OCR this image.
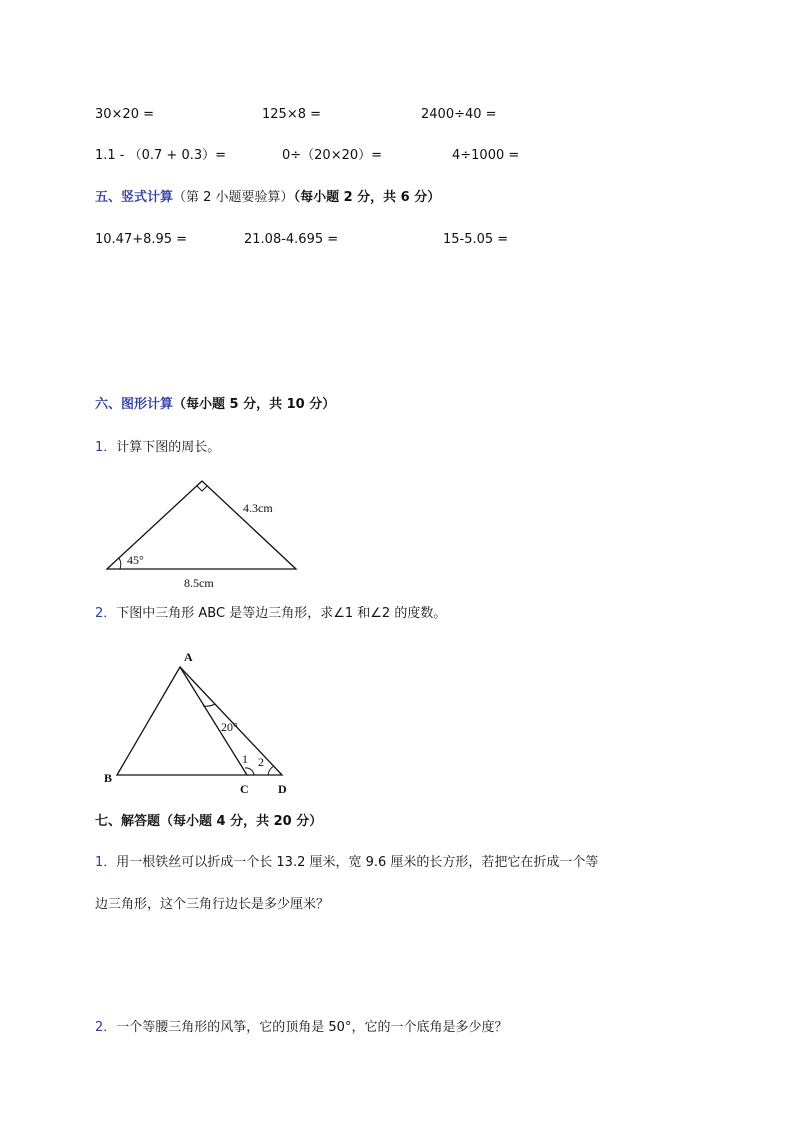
30×20 =	125×8 =	2400÷40 =
1.1 - （0.7 + 0.3）=	0÷（20×20）=	4÷1000 =
五、竖式计算（第 2 小题要验算）（每小题 2 分，共 6 分）
10.47+8.95 =	21.08-4.695 =	15-5.05 =
六、图形计算（每小题 5 分，共 10 分）
1．计算下图的周长。
4.3cm
45°
8.5cm
A
B
C D
20°
1 2
2．下图中三角形 ABC 是等边三角形，求∠1 和∠2 的度数。
七、解答题（每小题 4 分，共 20 分）
1．用一根铁丝可以折成一个长 13.2 厘米，宽 9.6 厘米的长方形，若把它在折成一个等
边三角形，这个三角行边长是多少厘米？
2．一个等腰三角形的风筝，它的顶角是 50°，它的一个底角是多少度？
